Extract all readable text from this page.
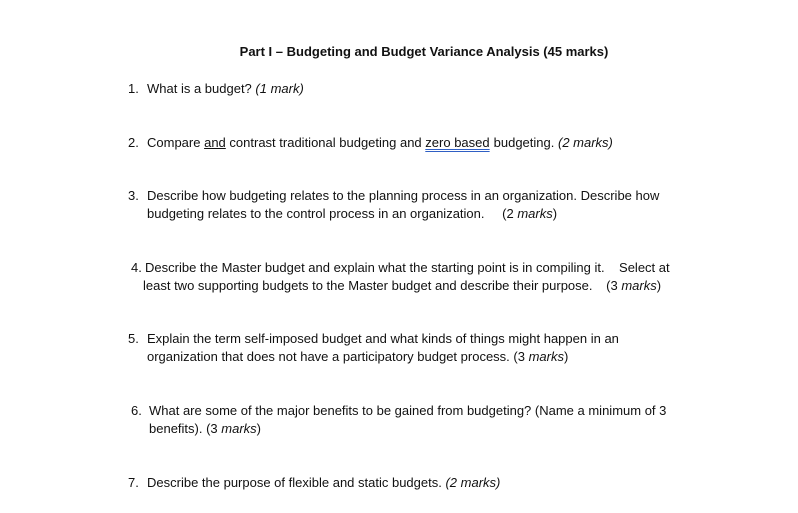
Part I – Budgeting and Budget Variance Analysis (45 marks)
1. What is a budget? (1 mark)
2. Compare and contrast traditional budgeting and zero based budgeting. (2 marks)
3. Describe how budgeting relates to the planning process in an organization. Describe how
budgeting relates to the control process in an organization. (2 marks)
4. Describe the Master budget and explain what the starting point is in compiling it.    Select at
least two supporting budgets to the Master budget and describe their purpose. (3 marks)
5. Explain the term self-imposed budget and what kinds of things might happen in an
organization that does not have a participatory budget process. (3 marks)
6. What are some of the major benefits to be gained from budgeting? (Name a minimum of 3
benefits). (3 marks)
7. Describe the purpose of flexible and static budgets. (2 marks)
